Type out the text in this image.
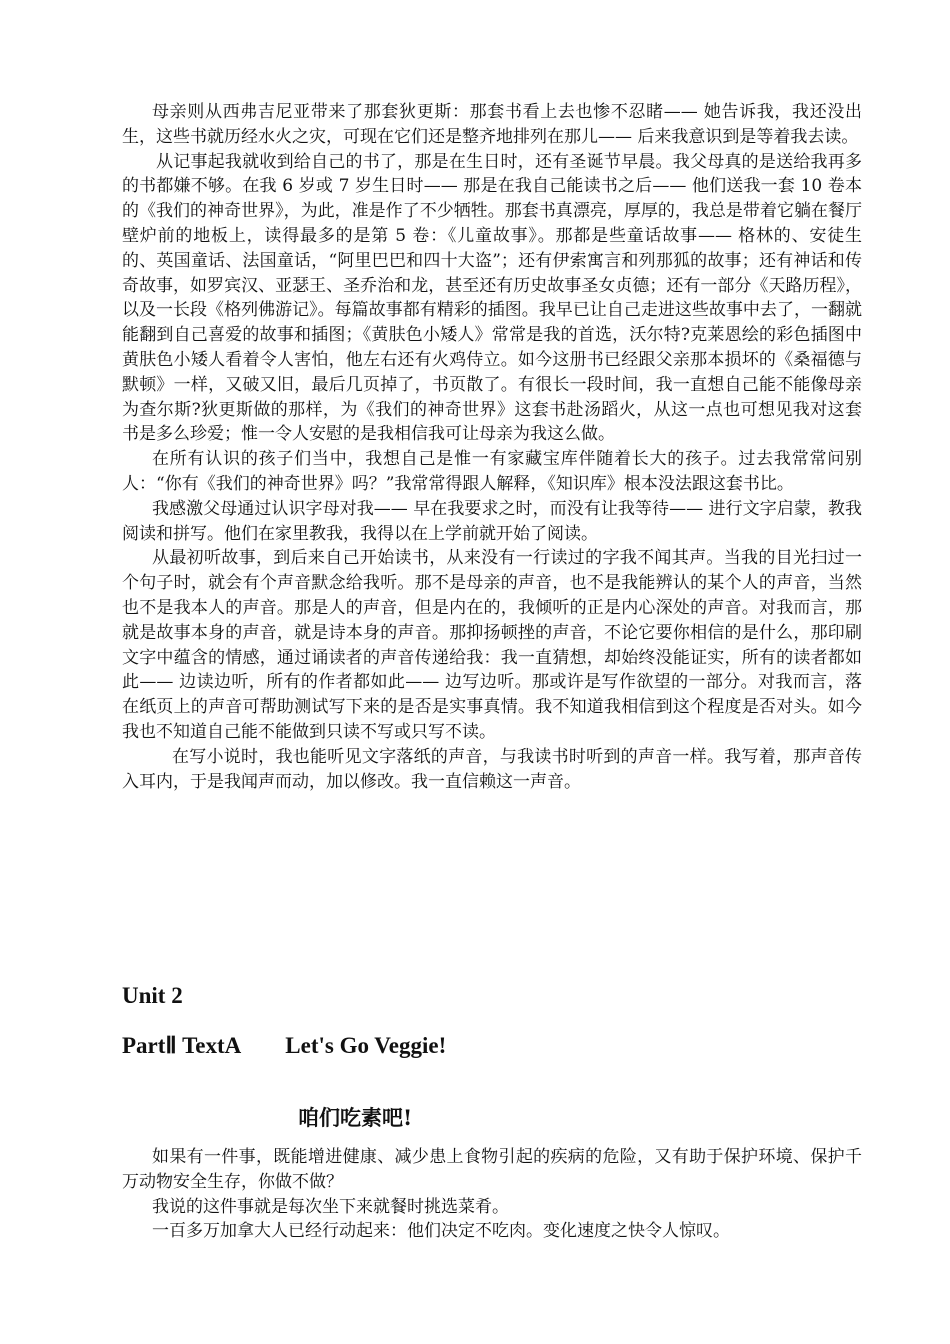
母亲则从西弗吉尼亚带来了那套狄更斯：那套书看上去也惨不忍睹—— 她告诉我，我还没出生，这些书就历经水火之灾，可现在它们还是整齐地排列在那儿—— 后来我意识到是等着我去读。

从记事起我就收到给自己的书了，那是在生日时，还有圣诞节早晨。我父母真的是送给我再多的书都嫌不够。在我 6 岁或 7 岁生日时—— 那是在我自己能读书之后—— 他们送我一套 10 卷本的《我们的神奇世界》，为此，准是作了不少牺牲。那套书真漂亮，厚厚的，我总是带着它躺在餐厅壁炉前的地板上，读得最多的是第 5 卷：《儿童故事》。那都是些童话故事—— 格林的、安徒生的、英国童话、法国童话，“阿里巴巴和四十大盗”；还有伊索寓言和列那狐的故事；还有神话和传奇故事，如罗宾汉、亚瑟王、圣乔治和龙，甚至还有历史故事圣女贞德；还有一部分《天路历程》，以及一长段《格列佛游记》。每篇故事都有精彩的插图。我早已让自己走进这些故事中去了，一翻就能翻到自己喜爱的故事和插图；《黄肤色小矮人》常常是我的首选，沃尔特?克莱恩绘的彩色插图中黄肤色小矮人看着令人害怕，他左右还有火鸡侍立。如今这册书已经跟父亲那本损坏的《桑福德与默顿》一样，又破又旧，最后几页掉了，书页散了。有很长一段时间，我一直想自己能不能像母亲为查尔斯?狄更斯做的那样，为《我们的神奇世界》这套书赴汤蹈火，从这一点也可想见我对这套书是多么珍爱；惟一令人安慰的是我相信我可让母亲为我这么做。

在所有认识的孩子们当中，我想自己是惟一有家藏宝库伴随着长大的孩子。过去我常常问别人：“你有《我们的神奇世界》吗？”我常常得跟人解释，《知识库》根本没法跟这套书比。

我感激父母通过认识字母对我—— 早在我要求之时，而没有让我等待—— 进行文字启蒙，教我阅读和拼写。他们在家里教我，我得以在上学前就开始了阅读。

从最初听故事，到后来自己开始读书，从来没有一行读过的字我不闻其声。当我的目光扫过一个句子时，就会有个声音默念给我听。那不是母亲的声音，也不是我能辨认的某个人的声音，当然也不是我本人的声音。那是人的声音，但是内在的，我倾听的正是内心深处的声音。对我而言，那就是故事本身的声音，就是诗本身的声音。那抑扬顿挫的声音，不论它要你相信的是什么，那印刷文字中蕴含的情感，通过诵读者的声音传递给我：我一直猜想，却始终没能证实，所有的读者都如此—— 边读边听，所有的作者都如此—— 边写边听。那或许是写作欲望的一部分。对我而言，落在纸页上的声音可帮助测试写下来的是否是实事真情。我不知道我相信到这个程度是否对头。如今我也不知道自己能不能做到只读不写或只写不读。

在写小说时，我也能听见文字落纸的声音，与我读书时听到的声音一样。我写着，那声音传入耳内，于是我闻声而动，加以修改。我一直信赖这一声音。

Unit 2
PartⅡ TextA Let's Go Veggie!
咱们吃素吧!

如果有一件事，既能增进健康、减少患上食物引起的疾病的危险，又有助于保护环境、保护千万动物安全生存，你做不做？

我说的这件事就是每次坐下来就餐时挑选菜肴。

一百多万加拿大人已经行动起来：他们决定不吃肉。变化速度之快令人惊叹。
